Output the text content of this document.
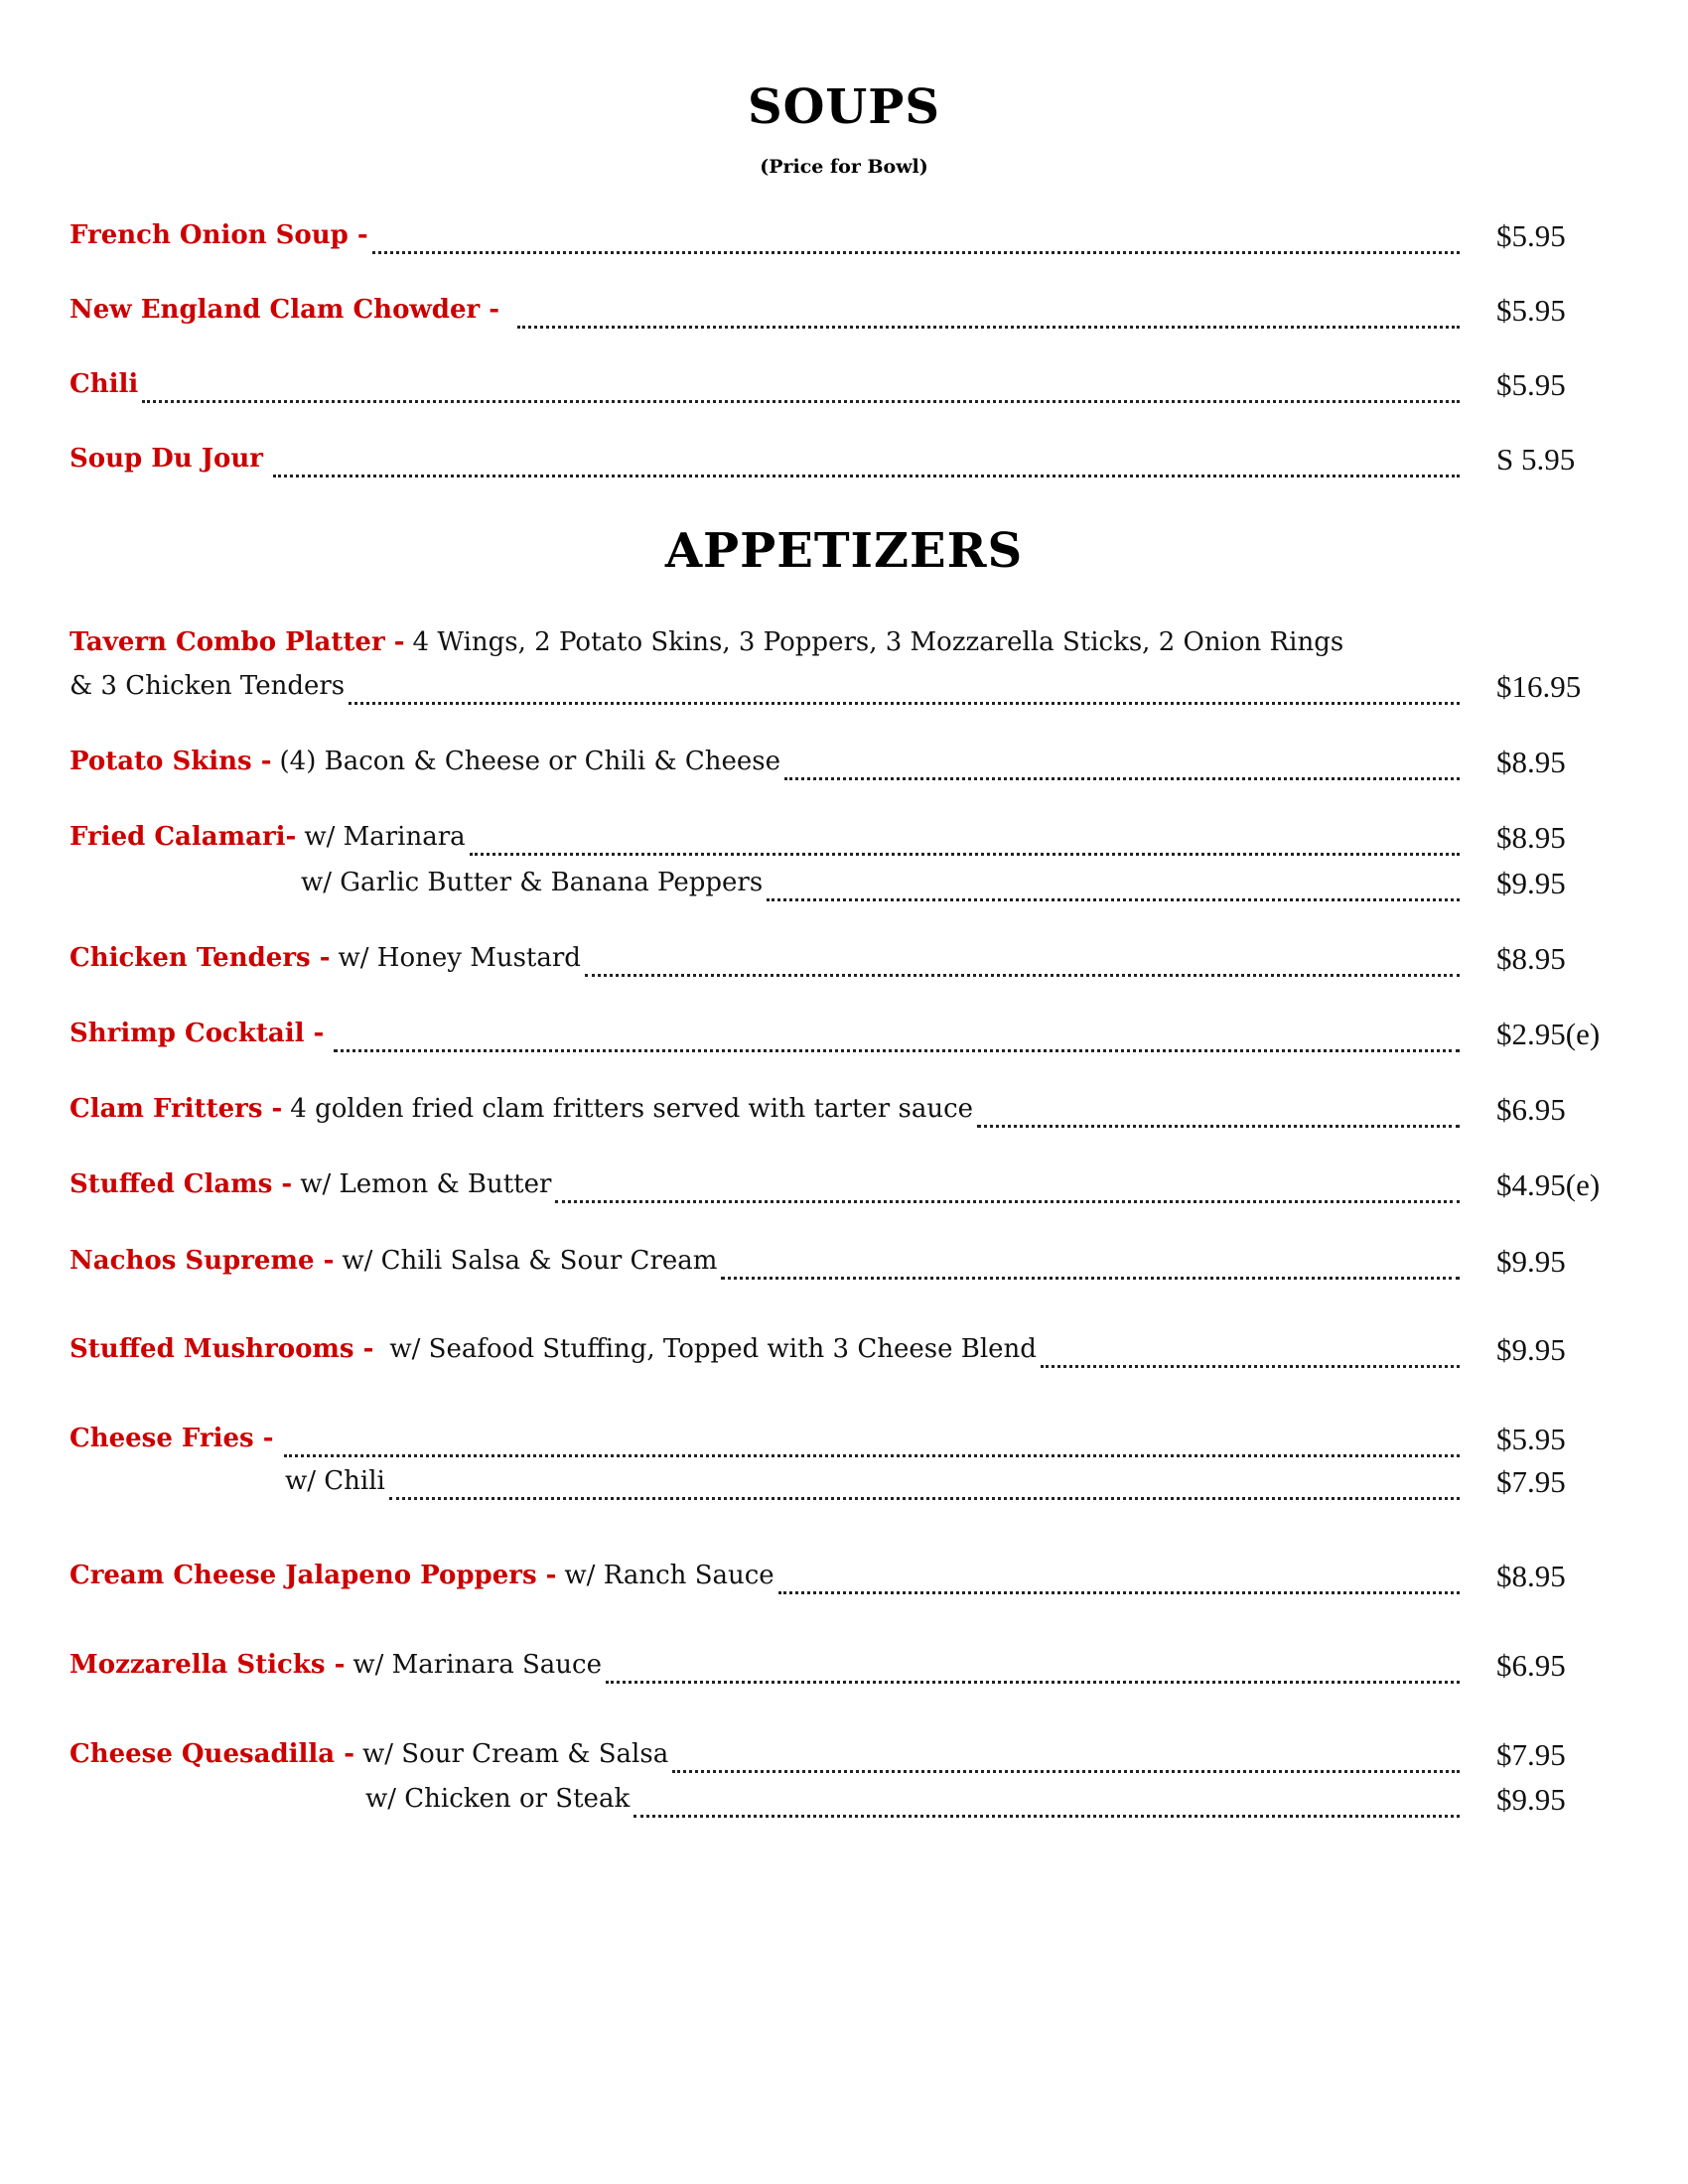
SOUPS
(Price for Bowl)
French Onion Soup -	$5.95
New England Clam Chowder -	$5.95
Chili	$5.95
Soup Du Jour	S 5.95
APPETIZERS
Tavern Combo Platter - 4 Wings, 2 Potato Skins, 3 Poppers, 3 Mozzarella Sticks, 2 Onion Rings
& 3 Chicken Tenders	$16.95
Potato Skins - (4) Bacon & Cheese or Chili & Cheese	$8.95
Fried Calamari- w/ Marinara	$8.95
w/ Garlic Butter & Banana Peppers	$9.95
Chicken Tenders - w/ Honey Mustard	$8.95
Shrimp Cocktail -	$2.95(e)
Clam Fritters - 4 golden fried clam fritters served with tarter sauce	$6.95
Stuffed Clams - w/ Lemon & Butter	$4.95(e)
Nachos Supreme - w/ Chili Salsa & Sour Cream	$9.95
Stuffed Mushrooms - w/ Seafood Stuffing, Topped with 3 Cheese Blend	$9.95
Cheese Fries -	$5.95
w/ Chili	$7.95
Cream Cheese Jalapeno Poppers - w/ Ranch Sauce	$8.95
Mozzarella Sticks - w/ Marinara Sauce	$6.95
Cheese Quesadilla - w/ Sour Cream & Salsa	$7.95
w/ Chicken or Steak	$9.95
